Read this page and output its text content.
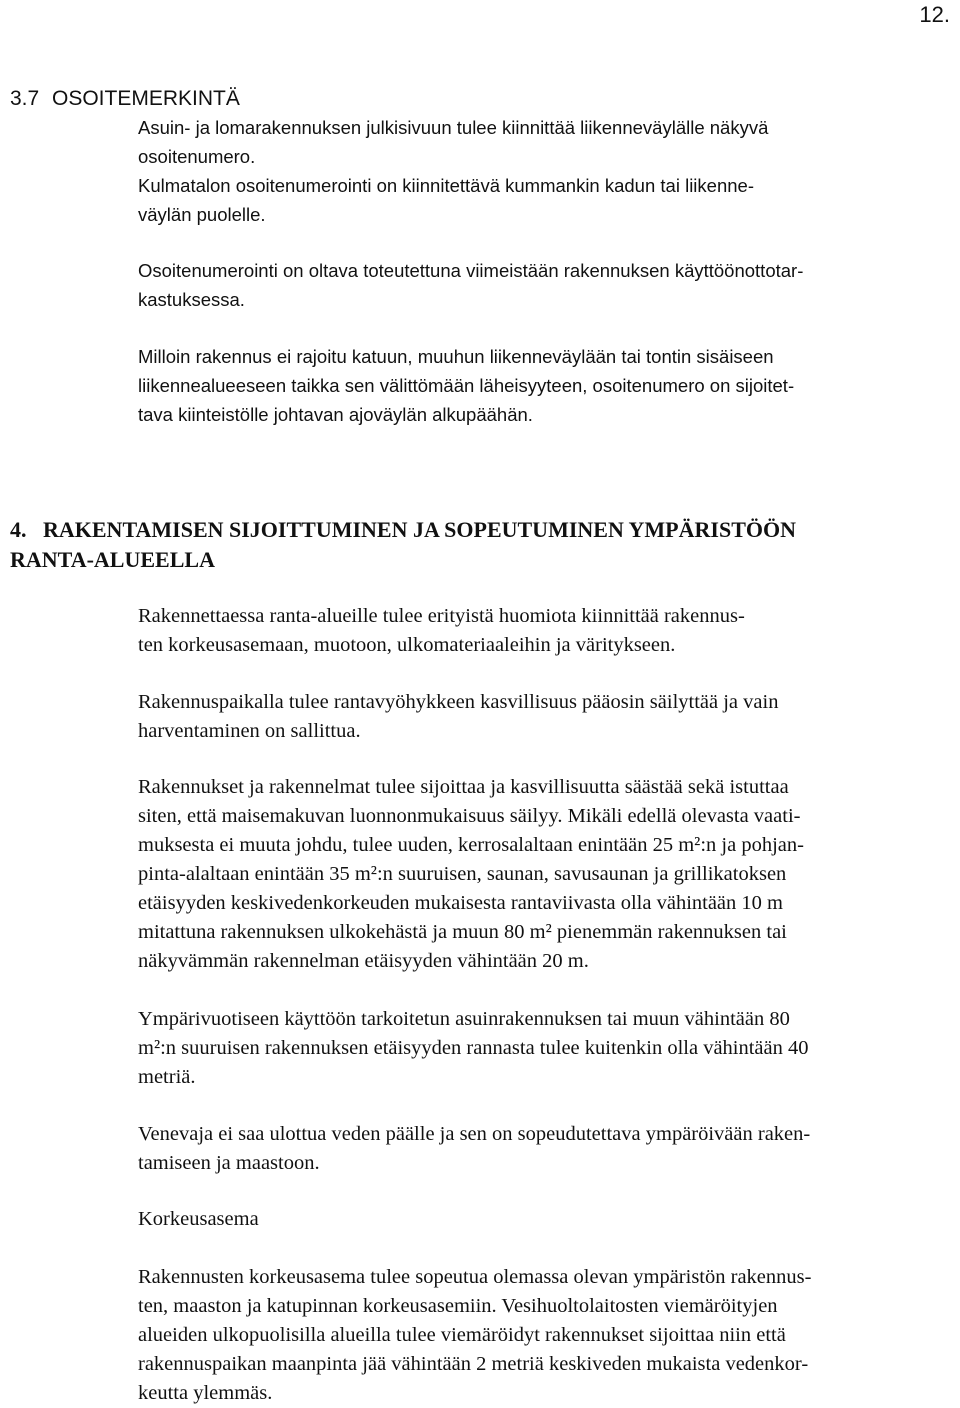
12.
3.7 OSOITEMERKINTÄ
Asuin- ja lomarakennuksen julkisivuun tulee kiinnittää liikenneväylälle näkyvä
osoitenumero.
Kulmatalon osoitenumerointi on kiinnitettävä kummankin kadun tai liikenne-
väylän puolelle.
Osoitenumerointi on oltava toteutettuna viimeistään rakennuksen käyttöönottotar-
kastuksessa.
Milloin rakennus ei rajoitu katuun, muuhun liikenneväylään tai tontin sisäiseen
liikennealueeseen taikka sen välittömään läheisyyteen, osoitenumero on sijoitet-
tava kiinteistölle johtavan ajoväylän alkupäähän.
4. RAKENTAMISEN SIJOITTUMINEN JA SOPEUTUMINEN YMPÄRISTÖÖN
RANTA-ALUEELLA
Rakennettaessa ranta-alueille tulee erityistä huomiota kiinnittää rakennus-
ten korkeusasemaan, muotoon, ulkomateriaaleihin ja väritykseen.
Rakennuspaikalla tulee rantavyöhykkeen kasvillisuus pääosin säilyttää ja vain
harventaminen on sallittua.
Rakennukset ja rakennelmat tulee sijoittaa ja kasvillisuutta säästää sekä istuttaa
siten, että maisemakuvan luonnonmukaisuus säilyy. Mikäli edellä olevasta vaati-
muksesta ei muuta johdu, tulee uuden, kerrosalaltaan enintään 25 m²:n ja pohjan-
pinta-alaltaan enintään 35 m²:n suuruisen, saunan, savusaunan ja grillikatoksen
etäisyyden keskivedenkorkeuden mukaisesta rantaviivasta olla vähintään 10 m
mitattuna rakennuksen ulkokehästä ja muun 80 m² pienemmän rakennuksen tai
näkyvämmän rakennelman etäisyyden vähintään 20 m.
Ympärivuotiseen käyttöön tarkoitetun asuinrakennuksen tai muun vähintään 80
m²:n suuruisen rakennuksen etäisyyden rannasta tulee kuitenkin olla vähintään 40
metriä.
Venevaja ei saa ulottua veden päälle ja sen on sopeudutettava ympäröivään raken-
tamiseen ja maastoon.
Korkeusasema
Rakennusten korkeusasema tulee sopeutua olemassa olevan ympäristön rakennus-
ten, maaston ja katupinnan korkeusasemiin. Vesihuoltolaitosten viemäröityjen
alueiden ulkopuolisilla alueilla tulee viemäröidyt rakennukset sijoittaa niin että
rakennuspaikan maanpinta jää vähintään 2 metriä keskiveden mukaista vedenkor-
keutta ylemmäs.
